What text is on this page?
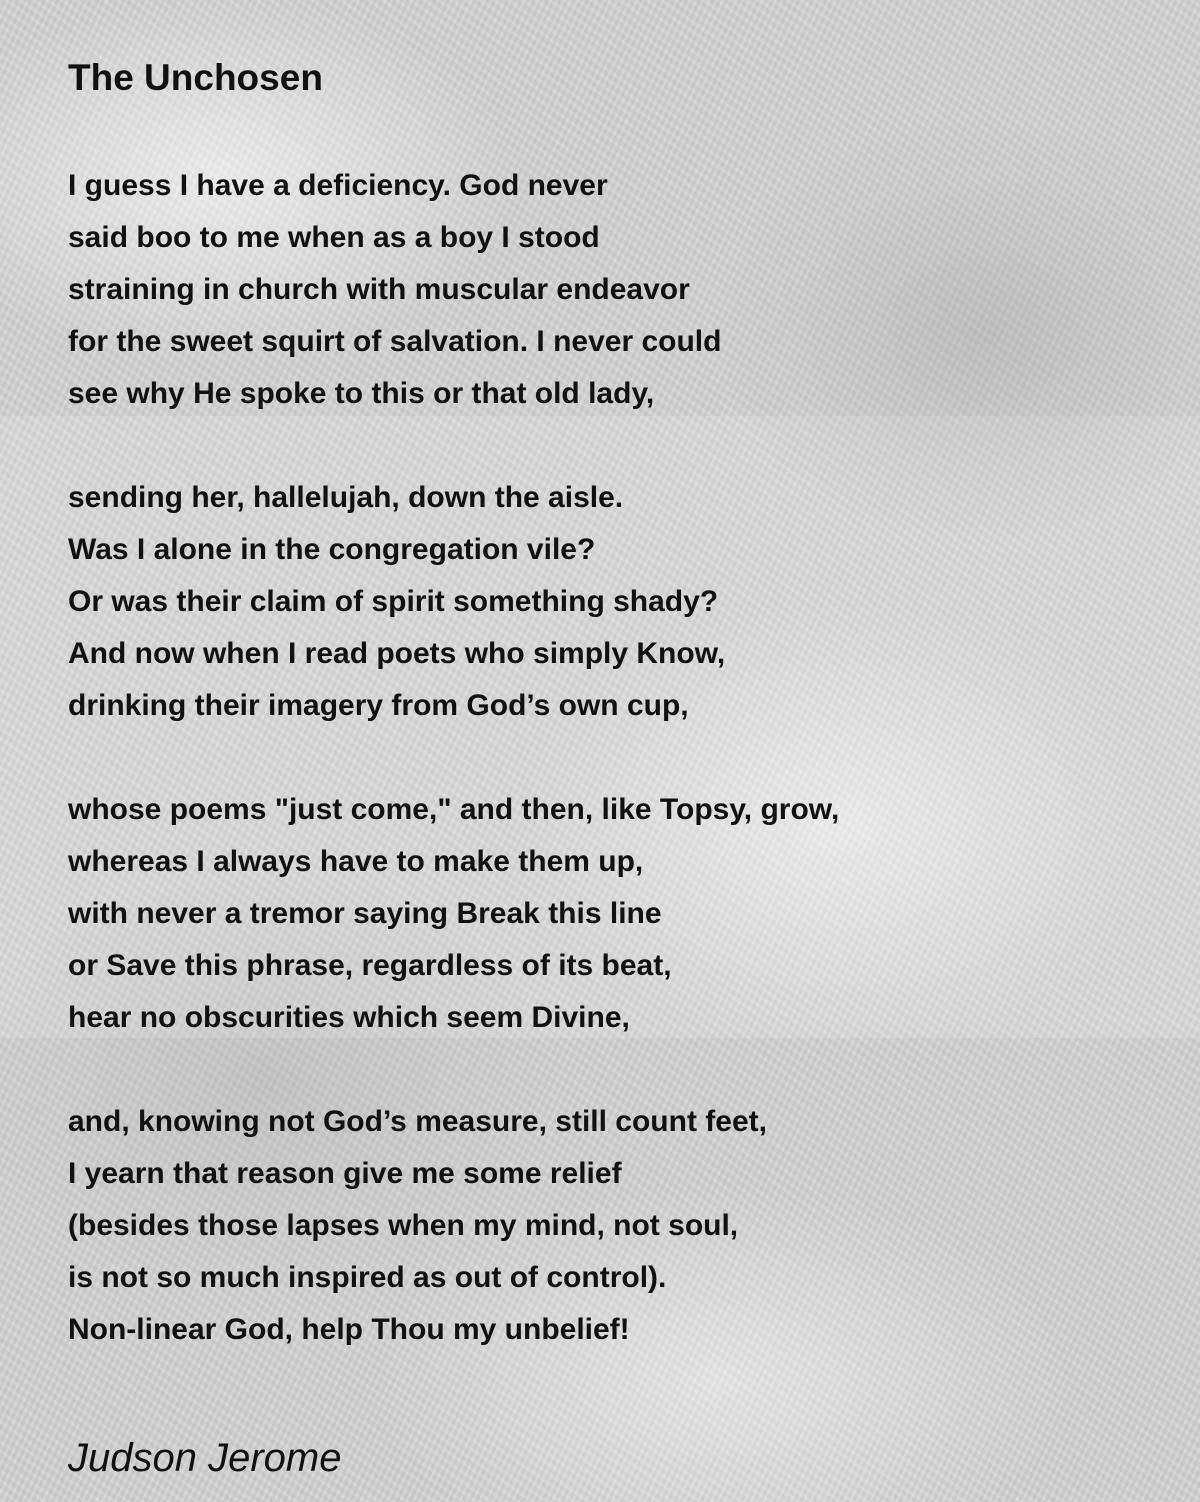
The Unchosen
I guess I have a deficiency. God never
said boo to me when as a boy I stood
straining in church with muscular endeavor
for the sweet squirt of salvation. I never could
see why He spoke to this or that old lady,
sending her, hallelujah, down the aisle.
Was I alone in the congregation vile?
Or was their claim of spirit something shady?
And now when I read poets who simply Know,
drinking their imagery from God’s own cup,
whose poems "just come," and then, like Topsy, grow,
whereas I always have to make them up,
with never a tremor saying Break this line
or Save this phrase, regardless of its beat,
hear no obscurities which seem Divine,
and, knowing not God’s measure, still count feet,
I yearn that reason give me some relief
(besides those lapses when my mind, not soul,
is not so much inspired as out of control).
Non-linear God, help Thou my unbelief!
Judson Jerome
